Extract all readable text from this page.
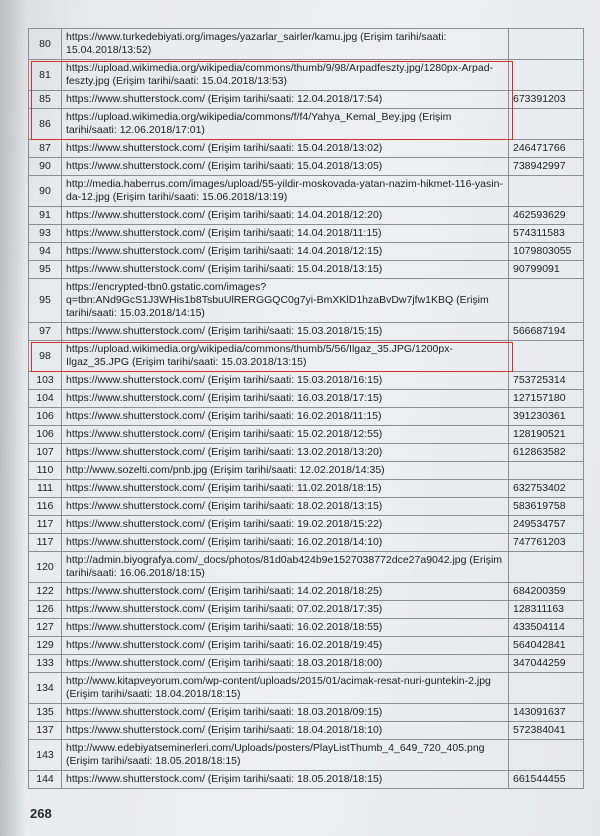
80	https://www.turkedebiyati.org/images/yazarlar_sairler/kamu.jpg (Erişim tarihi/saati: 15.04.2018/13:52)	
81	https://upload.wikimedia.org/wikipedia/commons/thumb/9/98/Arpadfeszty.jpg/1280px-Arpad-feszty.jpg (Erişim tarihi/saati: 15.04.2018/13:53)	
85	https://www.shutterstock.com/ (Erişim tarihi/saati: 12.04.2018/17:54)	673391203
86	https://upload.wikimedia.org/wikipedia/commons/f/f4/Yahya_Kemal_Bey.jpg (Erişim tarihi/saati: 12.06.2018/17:01)	
87	https://www.shutterstock.com/ (Erişim tarihi/saati: 15.04.2018/13:02)	246471766
90	https://www.shutterstock.com/ (Erişim tarihi/saati: 15.04.2018/13:05)	738942997
90	http://media.haberrus.com/images/upload/55-yildir-moskovada-yatan-nazim-hikmet-116-yasin-da-12.jpg (Erişim tarihi/saati: 15.06.2018/13:19)	
91	https://www.shutterstock.com/ (Erişim tarihi/saati: 14.04.2018/12:20)	462593629
93	https://www.shutterstock.com/ (Erişim tarihi/saati: 14.04.2018/11:15)	574311583
94	https://www.shutterstock.com/ (Erişim tarihi/saati: 14.04.2018/12:15)	1079803055
95	https://www.shutterstock.com/ (Erişim tarihi/saati: 15.04.2018/13:15)	90799091
95	https://encrypted-tbn0.gstatic.com/images?q=tbn:ANd9GcS1J3WHis1b8TsbuUlRERGGQC0g7yi-BmXKlD1hzaBvDw7jfw1KBQ (Erişim tarihi/saati: 15.03.2018/14:15)	
97	https://www.shutterstock.com/ (Erişim tarihi/saati: 15.03.2018/15:15)	566687194
98	https://upload.wikimedia.org/wikipedia/commons/thumb/5/56/Ilgaz_35.JPG/1200px-Ilgaz_35.JPG (Erişim tarihi/saati: 15.03.2018/13:15)	
103	https://www.shutterstock.com/ (Erişim tarihi/saati: 15.03.2018/16:15)	753725314
104	https://www.shutterstock.com/ (Erişim tarihi/saati: 16.03.2018/17:15)	127157180
106	https://www.shutterstock.com/ (Erişim tarihi/saati: 16.02.2018/11:15)	391230361
106	https://www.shutterstock.com/ (Erişim tarihi/saati: 15.02.2018/12:55)	128190521
107	https://www.shutterstock.com/ (Erişim tarihi/saati: 13.02.2018/13:20)	612863582
110	http://www.sozelti.com/pnb.jpg (Erişim tarihi/saati: 12.02.2018/14:35)	
111	https://www.shutterstock.com/ (Erişim tarihi/saati: 11.02.2018/18:15)	632753402
116	https://www.shutterstock.com/ (Erişim tarihi/saati: 18.02.2018/13:15)	583619758
117	https://www.shutterstock.com/ (Erişim tarihi/saati: 19.02.2018/15:22)	249534757
117	https://www.shutterstock.com/ (Erişim tarihi/saati: 16.02.2018/14:10)	747761203
120	http://admin.biyografya.com/_docs/photos/81d0ab424b9e1527038772dce27a9042.jpg (Erişim tarihi/saati: 16.06.2018/18:15)	
122	https://www.shutterstock.com/ (Erişim tarihi/saati: 14.02.2018/18:25)	684200359
126	https://www.shutterstock.com/ (Erişim tarihi/saati: 07.02.2018/17:35)	128311163
127	https://www.shutterstock.com/ (Erişim tarihi/saati: 16.02.2018/18:55)	433504114
129	https://www.shutterstock.com/ (Erişim tarihi/saati: 16.02.2018/19:45)	564042841
133	https://www.shutterstock.com/ (Erişim tarihi/saati: 18.03.2018/18:00)	347044259
134	http://www.kitapveyorum.com/wp-content/uploads/2015/01/acimak-resat-nuri-guntekin-2.jpg (Erişim tarihi/saati: 18.04.2018/18:15)	
135	https://www.shutterstock.com/ (Erişim tarihi/saati: 18.03.2018/09:15)	143091637
137	https://www.shutterstock.com/ (Erişim tarihi/saati: 18.04.2018/18:10)	572384041
143	http://www.edebiyatseminerleri.com/Uploads/posters/PlayListThumb_4_649_720_405.png (Erişim tarihi/saati: 18.05.2018/18:15)	
144	https://www.shutterstock.com/ (Erişim tarihi/saati: 18.05.2018/18:15)	661544455
268
